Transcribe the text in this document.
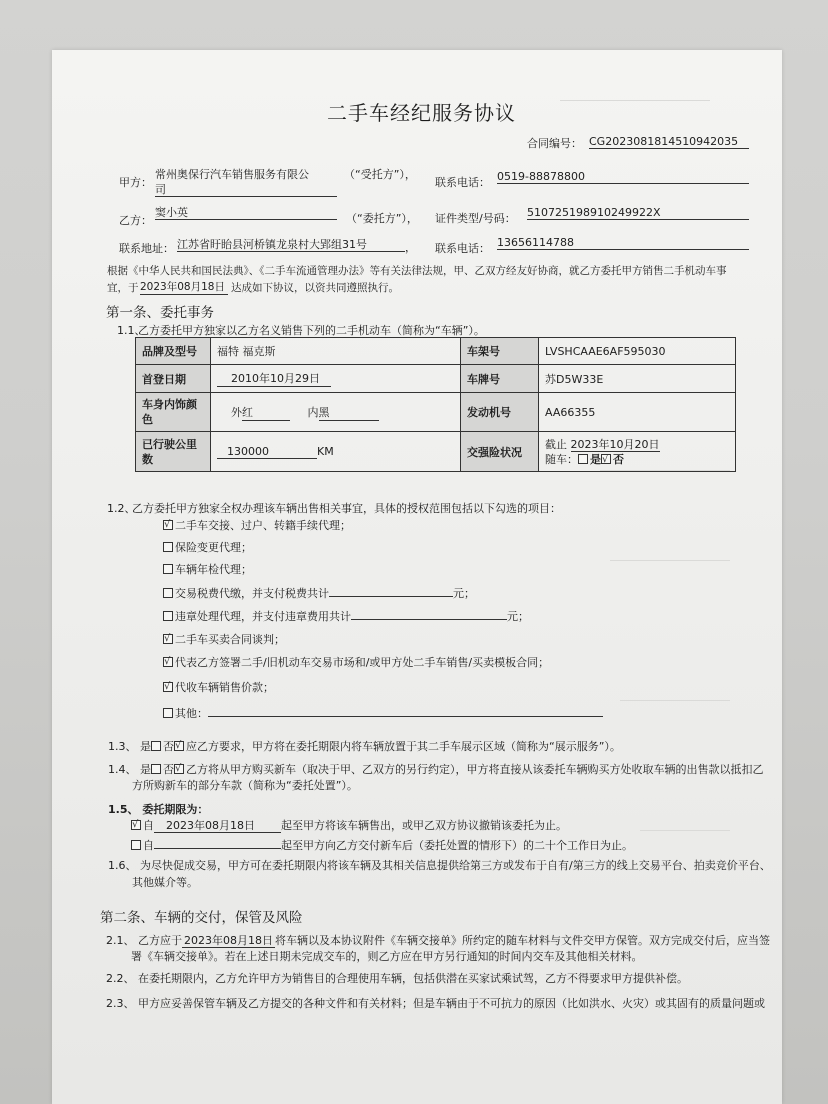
二手车经纪服务协议
合同编号： CG2023081814510942035
甲方：
常州奥保行汽车销售服务有限公
司
（“受托方”），
联系电话： 0519-88878800
乙方：
窦小英	（“委托方”）， 证件类型/号码： 510725198910249922X
联系地址： 江苏省盱眙县河桥镇龙泉村大郢组31号	， 联系电话： 13656114788
根据《中华人民共和国民法典》、《二手车流通管理办法》等有关法律法规，甲、乙双方经友好协商，就乙方委托甲方销售二手机动车事
宜，于 2023年08月18日 达成如下协议，以资共同遵照执行。
第一条、委托事务
1.1、
乙方委托甲方独家以乙方名义销售下列的二手机动车（简称为“车辆”）。
品牌及型号	福特 福克斯	车架号	LVSHCAAE6AF595030
首登日期	2010年10月29日	车牌号	苏D5W33E
车身内饰颜色	外红 内黑	发动机号	AA66355
已行驶公里数	130000 KM	交强险状况	截止 2023年10月20日
随车： 是 √ 否
1.2、
乙方委托甲方独家全权办理该车辆出售相关事宜，具体的授权范围包括以下勾选的项目：
√二手车交接、过户、转籍手续代理；
保险变更代理；
车辆年检代理；
交易税费代缴，并支付税费共计	元；
违章处理代理，并支付违章费用共计	元；
√二手车买卖合同谈判；
√代表乙方签署二手/旧机动车交易市场和/或甲方处二手车销售/买卖模板合同；
√代收车辆销售价款；
其他：
1.3、 是 否 √ 应乙方要求，甲方将在委托期限内将车辆放置于其二手车展示区域（简称为“展示服务”）。
1.4、 是 否 √ 乙方将从甲方购买新车（取决于甲、乙双方的另行约定），甲方将直接从该委托车辆购买方处收取车辆的出售款以抵扣乙
方所购新车的部分车款（简称为“委托处置”）。
1.5、 委托期限为：
√自 2023年08月18日 起至甲方将该车辆售出，或甲乙双方协议撤销该委托为止。
自	起至甲方向乙方交付新车后（委托处置的情形下）的二十个工作日为止。
1.6、 为尽快促成交易，甲方可在委托期限内将该车辆及其相关信息提供给第三方或发布于自有/第三方的线上交易平台、拍卖竞价平台、
其他媒介等。
第二条、车辆的交付，保管及风险
2.1、 乙方应于 2023年08月18日 将车辆以及本协议附件《车辆交接单》所约定的随车材料与文件交甲方保管。双方完成交付后，应当签
署《车辆交接单》。若在上述日期未完成交车的，则乙方应在甲方另行通知的时间内交车及其他相关材料。
2.2、 在委托期限内，乙方允许甲方为销售目的合理使用车辆，包括供潜在买家试乘试驾，乙方不得要求甲方提供补偿。
2.3、 甲方应妥善保管车辆及乙方提交的各种文件和有关材料；但是车辆由于不可抗力的原因（比如洪水、火灾）或其固有的质量问题或
